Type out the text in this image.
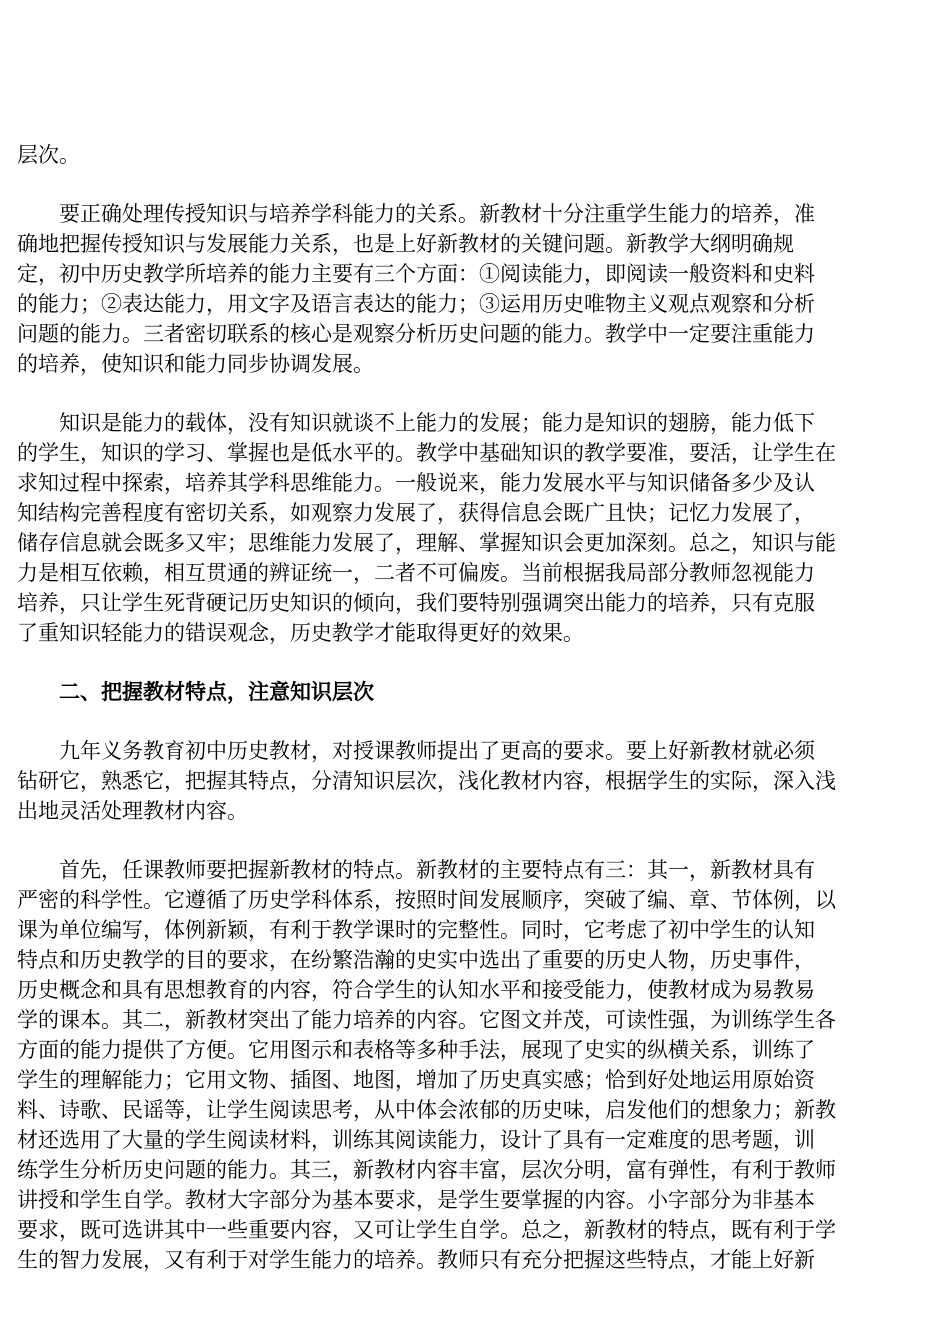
层次。
　　要正确处理传授知识与培养学科能力的关系。新教材十分注重学生能力的培养，准
确地把握传授知识与发展能力关系，也是上好新教材的关键问题。新教学大纲明确规
定，初中历史教学所培养的能力主要有三个方面：①阅读能力，即阅读一般资料和史料
的能力；②表达能力，用文字及语言表达的能力；③运用历史唯物主义观点观察和分析
问题的能力。三者密切联系的核心是观察分析历史问题的能力。教学中一定要注重能力
的培养，使知识和能力同步协调发展。
　　知识是能力的载体，没有知识就谈不上能力的发展；能力是知识的翅膀，能力低下
的学生，知识的学习、掌握也是低水平的。教学中基础知识的教学要准，要活，让学生在
求知过程中探索，培养其学科思维能力。一般说来，能力发展水平与知识储备多少及认
知结构完善程度有密切关系，如观察力发展了，获得信息会既广且快；记忆力发展了，
储存信息就会既多又牢；思维能力发展了，理解、掌握知识会更加深刻。总之，知识与能
力是相互依赖，相互贯通的辨证统一，二者不可偏废。当前根据我局部分教师忽视能力
培养，只让学生死背硬记历史知识的倾向，我们要特别强调突出能力的培养，只有克服
了重知识轻能力的错误观念，历史教学才能取得更好的效果。
　　二、把握教材特点，注意知识层次
　　九年义务教育初中历史教材，对授课教师提出了更高的要求。要上好新教材就必须
钻研它，熟悉它，把握其特点，分清知识层次，浅化教材内容，根据学生的实际，深入浅
出地灵活处理教材内容。
　　首先，任课教师要把握新教材的特点。新教材的主要特点有三：其一，新教材具有
严密的科学性。它遵循了历史学科体系，按照时间发展顺序，突破了编、章、节体例，以
课为单位编写，体例新颖，有利于教学课时的完整性。同时，它考虑了初中学生的认知
特点和历史教学的目的要求，在纷繁浩瀚的史实中选出了重要的历史人物，历史事件，
历史概念和具有思想教育的内容，符合学生的认知水平和接受能力，使教材成为易教易
学的课本。其二，新教材突出了能力培养的内容。它图文并茂，可读性强，为训练学生各
方面的能力提供了方便。它用图示和表格等多种手法，展现了史实的纵横关系，训练了
学生的理解能力；它用文物、插图、地图，增加了历史真实感；恰到好处地运用原始资
料、诗歌、民谣等，让学生阅读思考，从中体会浓郁的历史味，启发他们的想象力；新教
材还选用了大量的学生阅读材料，训练其阅读能力，设计了具有一定难度的思考题，训
练学生分析历史问题的能力。其三，新教材内容丰富，层次分明，富有弹性，有利于教师
讲授和学生自学。教材大字部分为基本要求，是学生要掌握的内容。小字部分为非基本
要求，既可选讲其中一些重要内容，又可让学生自学。总之，新教材的特点，既有利于学
生的智力发展，又有利于对学生能力的培养。教师只有充分把握这些特点，才能上好新
